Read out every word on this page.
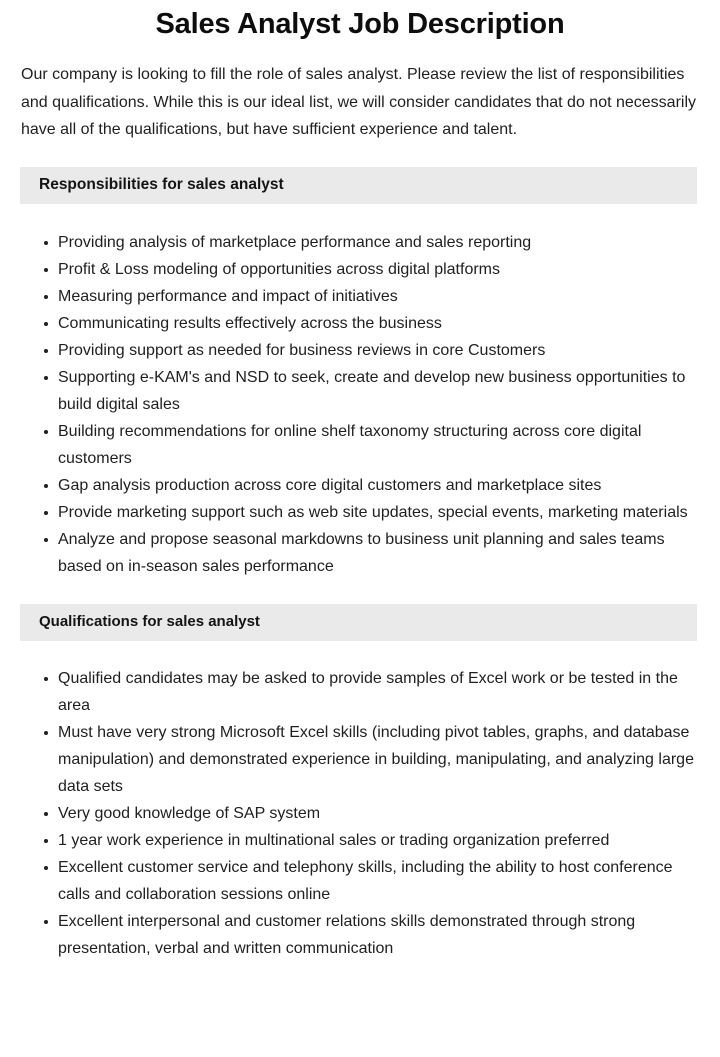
Sales Analyst Job Description

Our company is looking to fill the role of sales analyst. Please review the list of responsibilities and qualifications. While this is our ideal list, we will consider candidates that do not necessarily have all of the qualifications, but have sufficient experience and talent.

Responsibilities for sales analyst
Providing analysis of marketplace performance and sales reporting
Profit & Loss modeling of opportunities across digital platforms
Measuring performance and impact of initiatives
Communicating results effectively across the business
Providing support as needed for business reviews in core Customers
Supporting e-KAM's and NSD to seek, create and develop new business opportunities to build digital sales
Building recommendations for online shelf taxonomy structuring across core digital customers
Gap analysis production across core digital customers and marketplace sites
Provide marketing support such as web site updates, special events, marketing materials
Analyze and propose seasonal markdowns to business unit planning and sales teams based on in-season sales performance
Qualifications for sales analyst
Qualified candidates may be asked to provide samples of Excel work or be tested in the area
Must have very strong Microsoft Excel skills (including pivot tables, graphs, and database manipulation) and demonstrated experience in building, manipulating, and analyzing large data sets
Very good knowledge of SAP system
1 year work experience in multinational sales or trading organization preferred
Excellent customer service and telephony skills, including the ability to host conference calls and collaboration sessions online
Excellent interpersonal and customer relations skills demonstrated through strong presentation, verbal and written communication
